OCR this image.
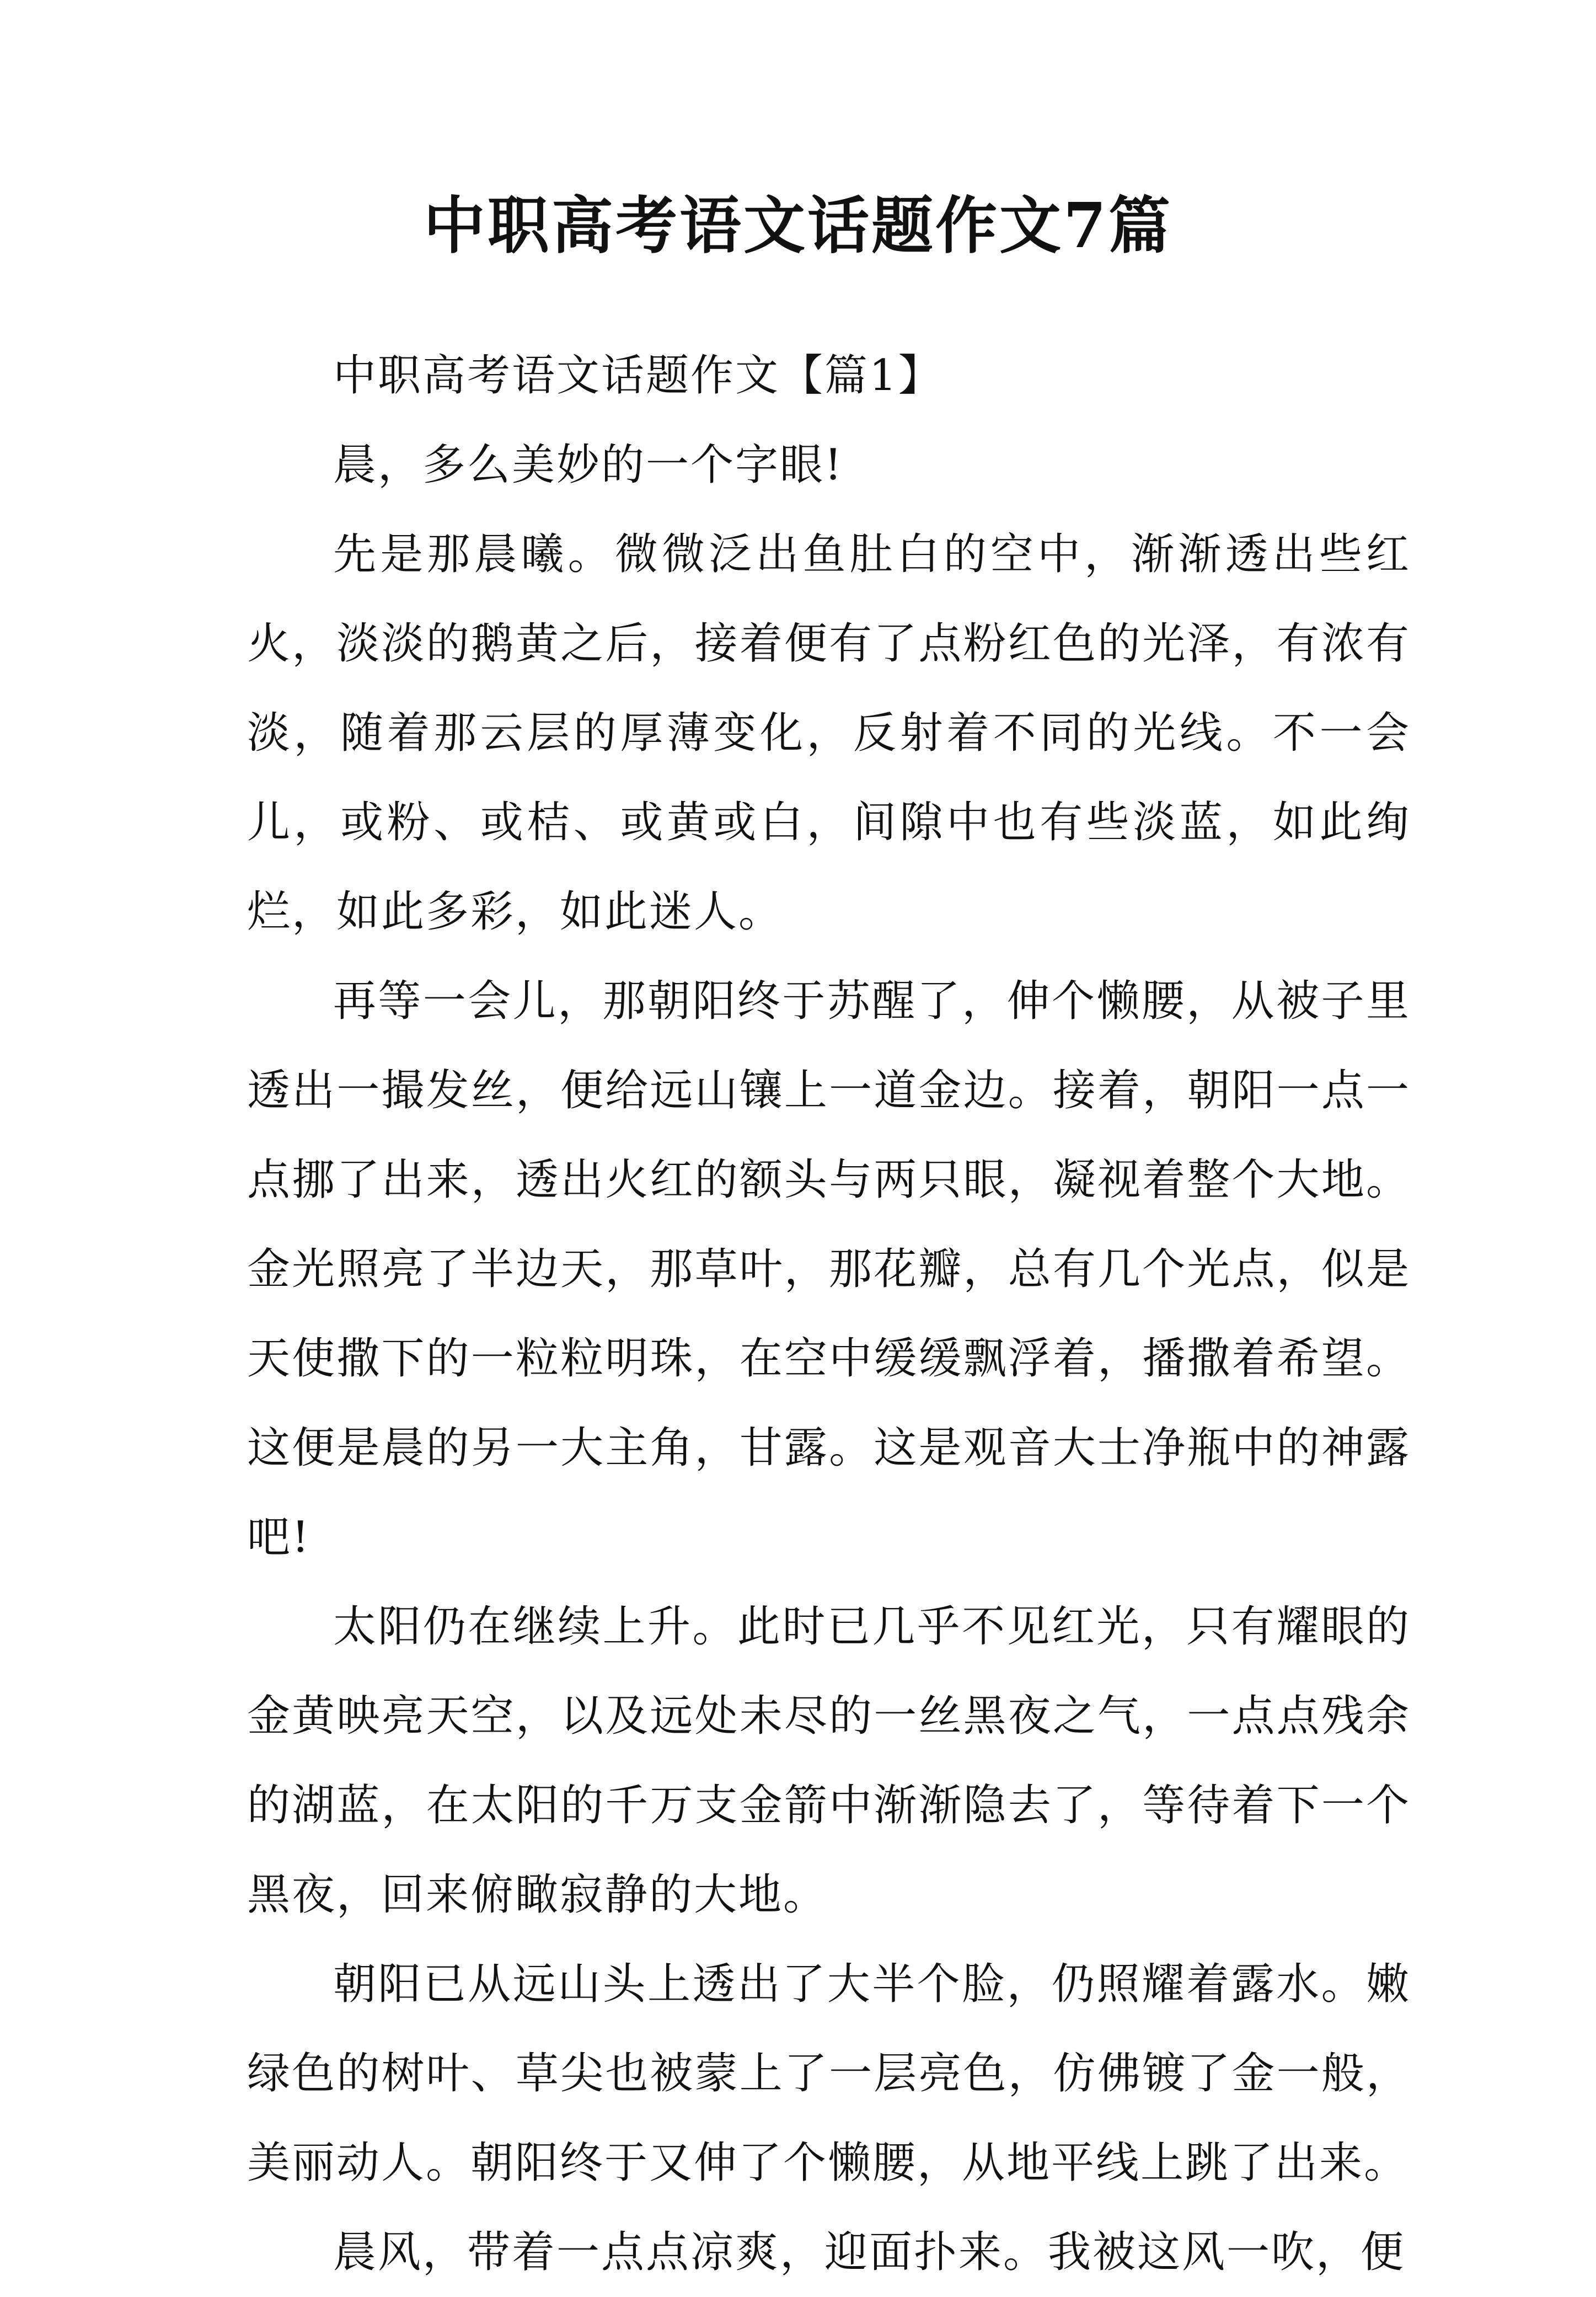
中职高考语文话题作文7篇

中职高考语文话题作文【篇1】

晨，多么美妙的一个字眼!

先是那晨曦。微微泛出鱼肚白的空中，渐渐透出些红火，淡淡的鹅黄之后，接着便有了点粉红色的光泽，有浓有淡，随着那云层的厚薄变化，反射着不同的光线。不一会儿，或粉、或桔、或黄或白，间隙中也有些淡蓝，如此绚烂，如此多彩，如此迷人。

再等一会儿，那朝阳终于苏醒了，伸个懒腰，从被子里透出一撮发丝，便给远山镶上一道金边。接着，朝阳一点一点挪了出来，透出火红的额头与两只眼，凝视着整个大地。金光照亮了半边天，那草叶，那花瓣，总有几个光点，似是天使撒下的一粒粒明珠，在空中缓缓飘浮着，播撒着希望。这便是晨的另一大主角，甘露。这是观音大士净瓶中的神露吧!

太阳仍在继续上升。此时已几乎不见红光，只有耀眼的金黄映亮天空，以及远处未尽的一丝黑夜之气，一点点残余的湖蓝，在太阳的千万支金箭中渐渐隐去了，等待着下一个黑夜，回来俯瞰寂静的大地。

朝阳已从远山头上透出了大半个脸，仍照耀着露水。嫩绿色的树叶、草尖也被蒙上了一层亮色，仿佛镀了金一般，美丽动人。朝阳终于又伸了个懒腰，从地平线上跳了出来。

晨风，带着一点点凉爽，迎面扑来。我被这风一吹，便
